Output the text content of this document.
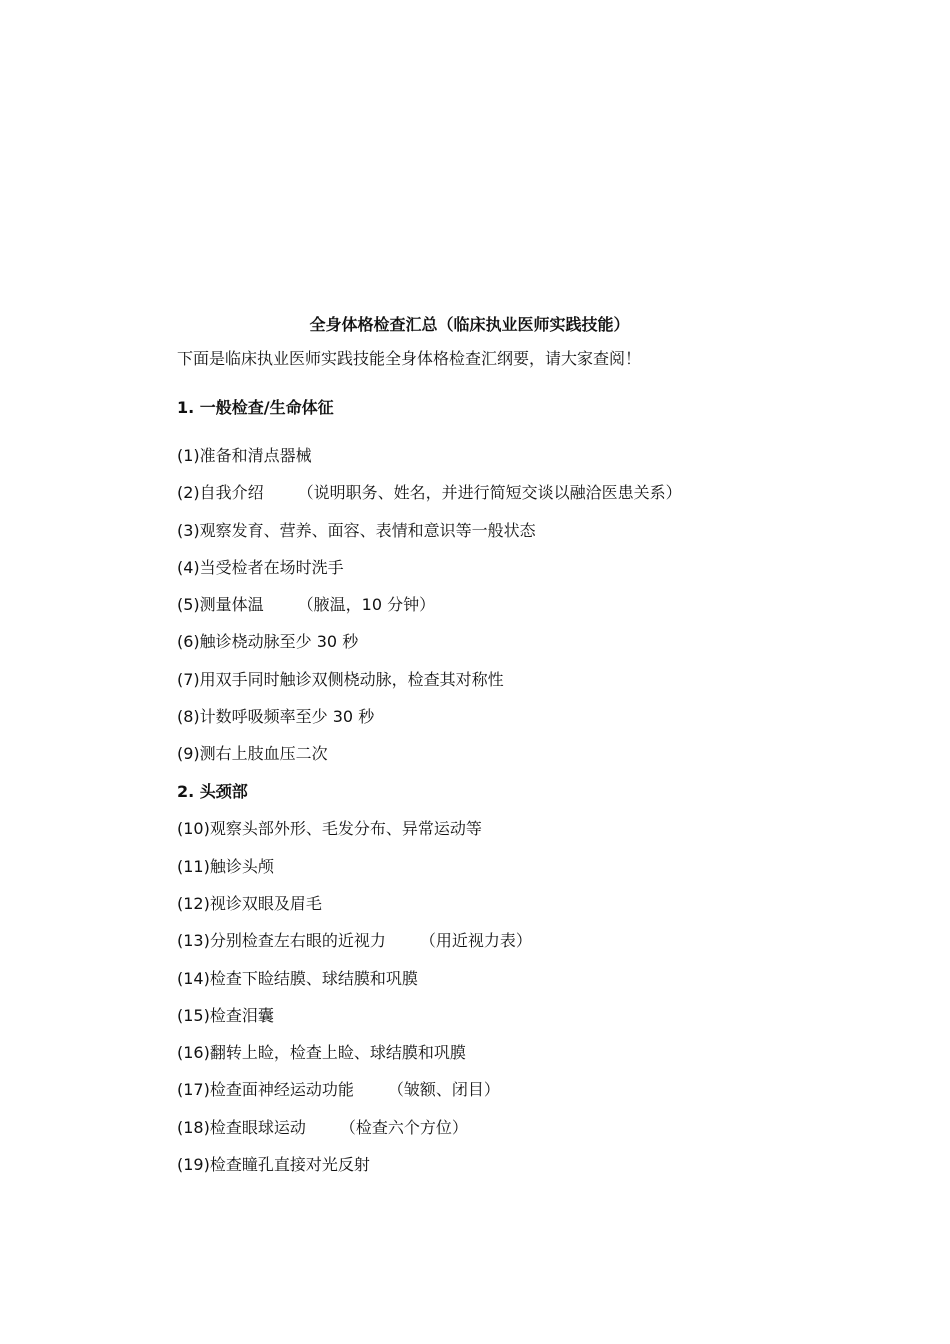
全身体格检查汇总（临床执业医师实践技能）
下面是临床执业医师实践技能全身体格检查汇纲要，请大家查阅！
1. 一般检查/生命体征
(1)准备和清点器械
(2)自我介绍 （说明职务、姓名，并进行简短交谈以融洽医患关系）
(3)观察发育、营养、面容、表情和意识等一般状态
(4)当受检者在场时洗手
(5)测量体温 （腋温，10 分钟）
(6)触诊桡动脉至少 30 秒
(7)用双手同时触诊双侧桡动脉，检查其对称性
(8)计数呼吸频率至少 30 秒
(9)测右上肢血压二次
2. 头颈部
(10)观察头部外形、毛发分布、异常运动等
(11)触诊头颅
(12)视诊双眼及眉毛
(13)分别检查左右眼的近视力 （用近视力表）
(14)检查下睑结膜、球结膜和巩膜
(15)检查泪囊
(16)翻转上睑，检查上睑、球结膜和巩膜
(17)检查面神经运动功能 （皱额、闭目）
(18)检查眼球运动 （检查六个方位）
(19)检查瞳孔直接对光反射
